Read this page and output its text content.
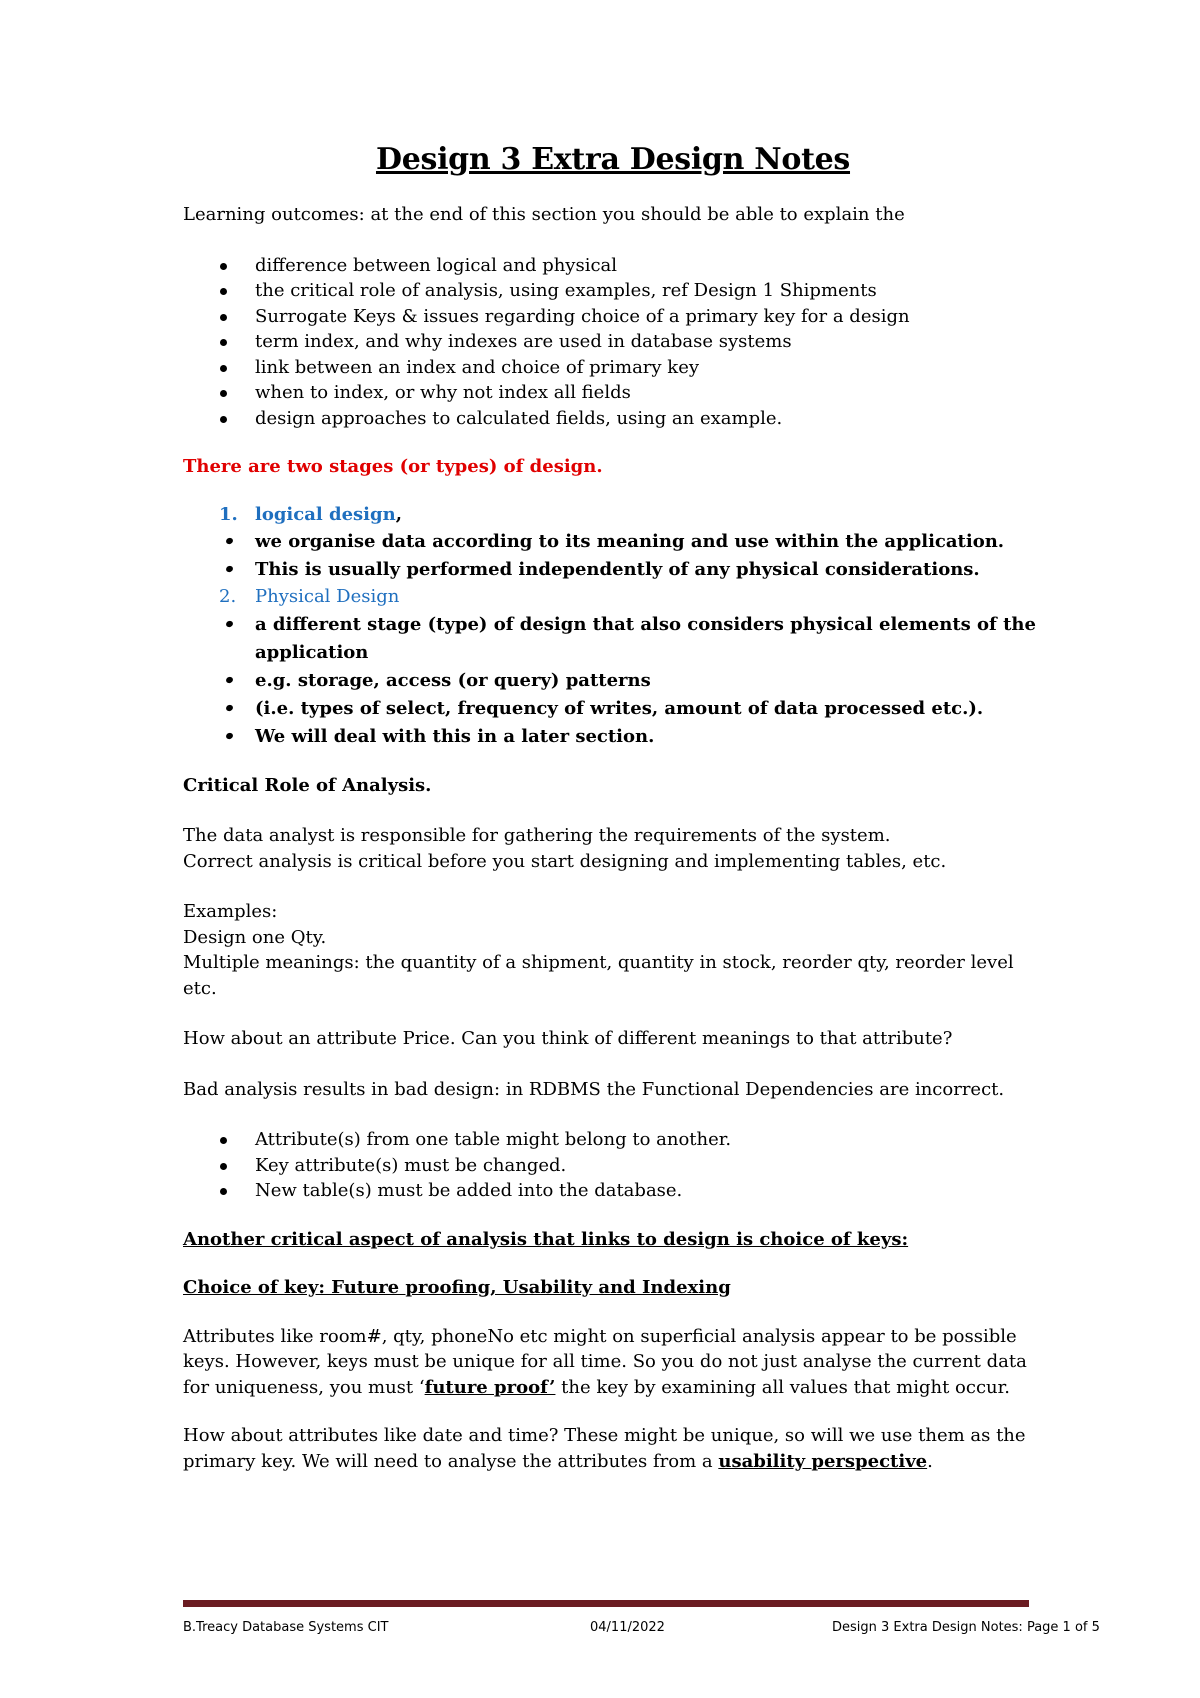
Design 3 Extra Design Notes

Learning outcomes: at the end of this section you should be able to explain the

difference between logical and physical
the critical role of analysis, using examples, ref Design 1 Shipments
Surrogate Keys & issues regarding choice of a primary key for a design
term index, and why indexes are used in database systems
link between an index and choice of primary key
when to index, or why not index all fields
design approaches to calculated fields, using an example.

There are two stages (or types) of design.

1. logical design,
we organise data according to its meaning and use within the application.
This is usually performed independently of any physical considerations.
2. Physical Design
a different stage (type) of design that also considers physical elements of the application
e.g. storage, access (or query) patterns
(i.e. types of select, frequency of writes, amount of data processed etc.).
We will deal with this in a later section.

Critical Role of Analysis.

The data analyst is responsible for gathering the requirements of the system.

Correct analysis is critical before you start designing and implementing tables, etc.

Examples:

Design one Qty.

Multiple meanings: the quantity of a shipment, quantity in stock, reorder qty, reorder level etc.

How about an attribute Price. Can you think of different meanings to that attribute?

Bad analysis results in bad design: in RDBMS the Functional Dependencies are incorrect.

Attribute(s) from one table might belong to another.
Key attribute(s) must be changed.
New table(s) must be added into the database.

Another critical aspect of analysis that links to design is choice of keys:

Choice of key: Future proofing, Usability and Indexing

Attributes like room#, qty, phoneNo etc might on superficial analysis appear to be possible keys. However, keys must be unique for all time. So you do not just analyse the current data for uniqueness, you must ‘future proof’ the key by examining all values that might occur.

How about attributes like date and time? These might be unique, so will we use them as the primary key. We will need to analyse the attributes from a usability perspective.

B.Treacy Database Systems CIT	04/11/2022	Design 3 Extra Design Notes: Page 1 of 5
